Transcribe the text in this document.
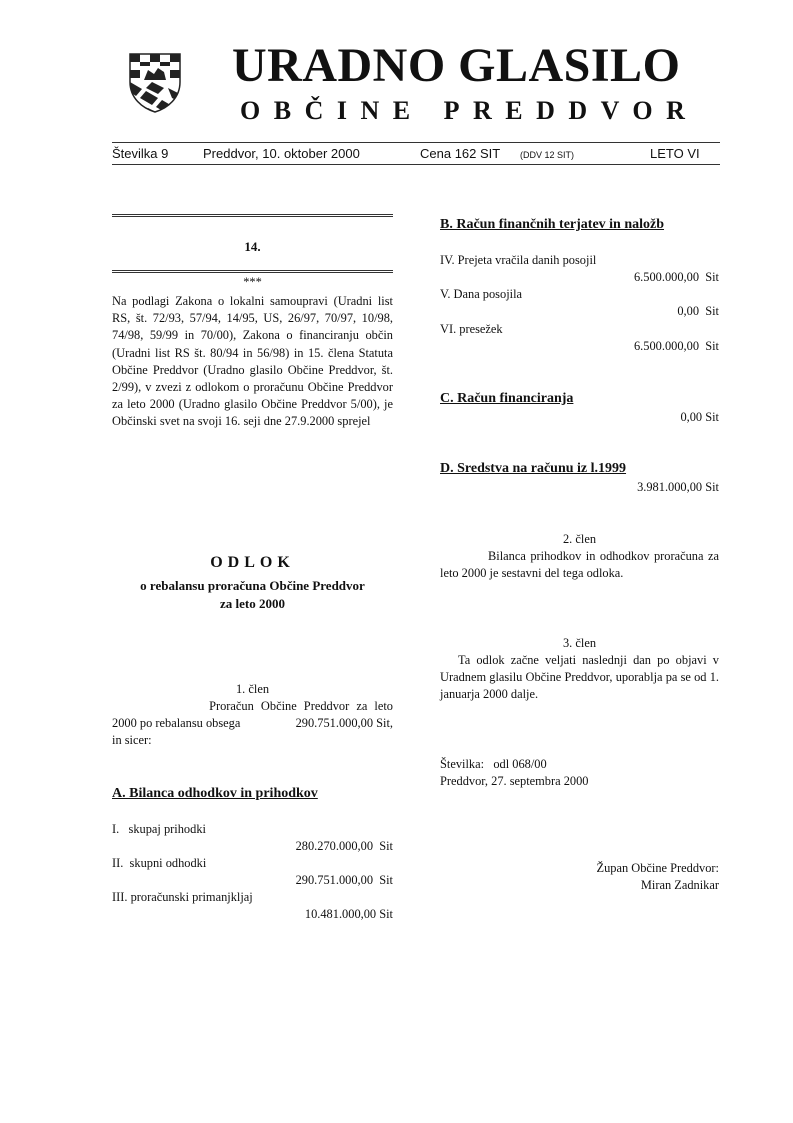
URADNO GLASILO
OBČINE PREDDVOR
Številka 9	Preddvor, 10. oktober 2000	Cena 162 SIT (DDV 12 SIT)	LETO VI
14.
***
Na podlagi Zakona o lokalni samoupravi (Uradni list RS, št. 72/93, 57/94, 14/95, US, 26/97, 70/97, 10/98, 74/98, 59/99 in 70/00), Zakona o financiranju občin (Uradni list RS št. 80/94 in 56/98) in 15. člena Statuta Občine Preddvor (Uradno glasilo Občine Preddvor, št. 2/99), v zvezi z odlokom o proračunu Občine Preddvor za leto 2000 (Uradno glasilo Občine Preddvor 5/00), je Občinski svet na svoji 16. seji dne 27.9.2000 sprejel
ODLOK
o rebalansu proračuna Občine Preddvor
za leto 2000
1. člen
Proračun Občine Preddvor za leto
2000 po rebalansu obsega	290.751.000,00 Sit,
in sicer:
A. Bilanca odhodkov in prihodkov
I.   skupaj prihodki
280.270.000,00  Sit
II.  skupni odhodki
290.751.000,00  Sit
III. proračunski primanjkljaj
10.481.000,00 Sit
B. Račun finančnih terjatev in naložb
IV. Prejeta vračila danih posojil
6.500.000,00  Sit
V. Dana posojila
0,00  Sit
VI. presežek
6.500.000,00  Sit
C. Račun financiranja
0,00 Sit
D. Sredstva na računu iz l.1999
3.981.000,00 Sit
2. člen
Bilanca prihodkov in odhodkov proračuna za leto 2000 je sestavni del tega odloka.
3. člen
Ta odlok začne veljati naslednji dan po objavi v Uradnem glasilu Občine Preddvor, uporablja pa se od 1. januarja 2000 dalje.
Številka:   odl 068/00
Preddvor, 27. septembra 2000
Župan Občine Preddvor:
Miran Zadnikar
